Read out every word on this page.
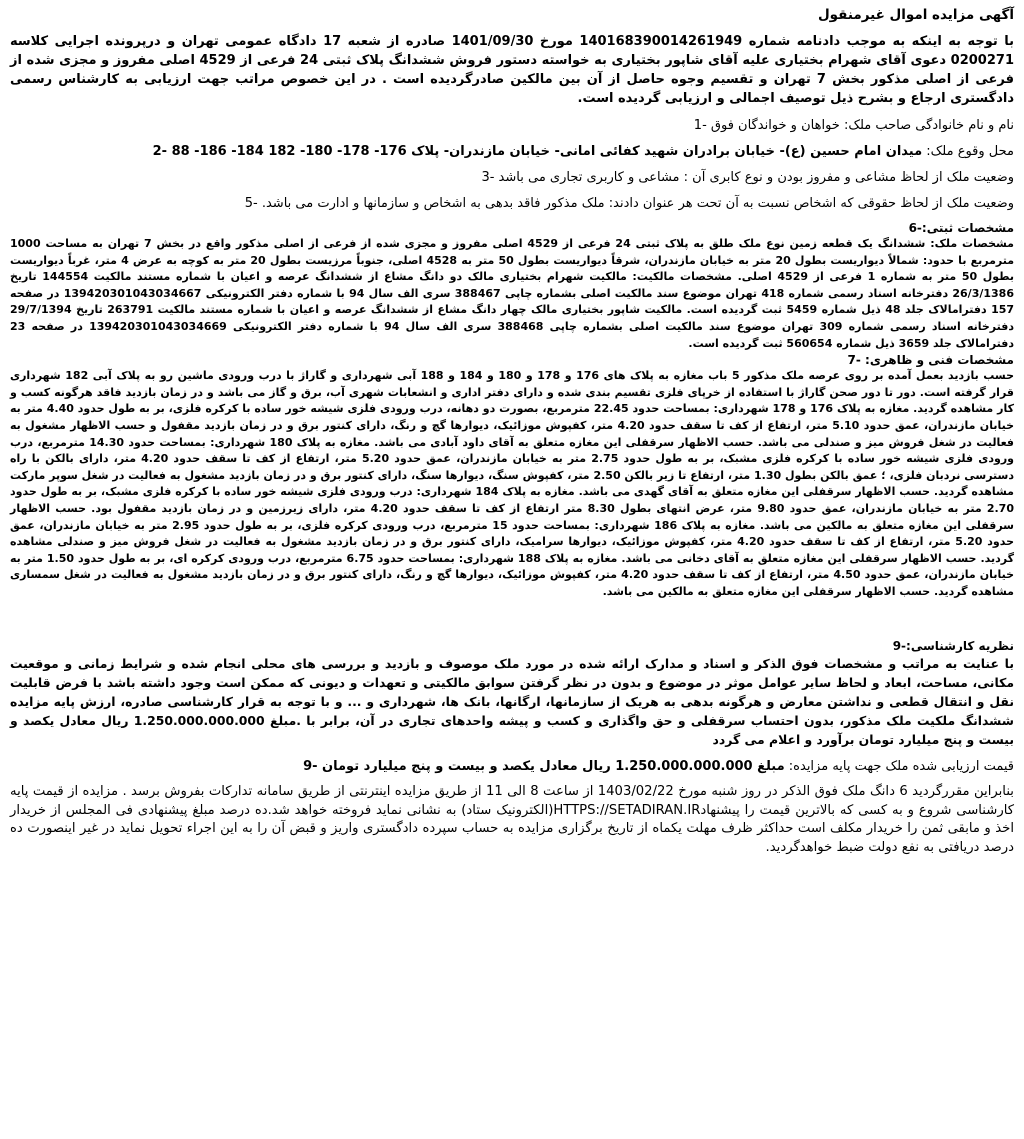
آگهی مزایده اموال غیرمنقول

با توجه به اینکه به موجب دادنامه شماره 140168390014261949 مورخ 1401/09/30 صادره از شعبه 17 دادگاه عمومی تهران و درپرونده اجرایی کلاسه 0200271 دعوی آقای شهرام بختیاری علیه آقای شاپور بختیاری به خواسته دستور فروش ششدانگ پلاک ثبتی 24 فرعی از 4529 اصلی مفروز و مجزی شده از فرعی از اصلی مذکور بخش 7 تهران و تقسیم وجوه حاصل از آن بین مالکین صادرگردیده است . در این خصوص مراتب جهت ارزیابی به کارشناس رسمی دادگستری ارجاع و بشرح ذیل توصیف اجمالی و ارزیابی گردیده است.

نام و نام خانوادگی صاحب ملک: خواهان و خواندگان فوق -1

محل وقوع ملک: میدان امام حسین (ع)- خیابان برادران شهید کفائی امانی- خیابان مازندران- پلاک 176- 178- 180- 182 184- 186- 88 -2

وضعیت ملک از لحاظ مشاعی و مفروز بودن و نوع کابری آن : مشاعی و کاربری تجاری می باشد -3

وضعیت ملک از لحاظ حقوقی که اشخاص نسبت به آن تحت هر عنوان دادند: ملک مذکور فاقد بدهی به اشخاص و سازمانها و ادارت می باشد. -5

مشخصات ثبتی:-6

مشخصات ملک: ششدانگ یک قطعه زمین نوع ملک طلق به پلاک ثبتی 24 فرعی از 4529 اصلی مفروز و مجزی شده از فرعی از اصلی مذکور واقع در بخش 7 تهران به مساحت 1000 مترمربع با حدود: شمالاً دیواریست بطول 20 متر به خیابان مازندران، شرقاً دیواریست بطول 50 متر به 4528 اصلی، جنوباً مرزیست بطول 20 متر به کوچه به عرض 4 متر، غرباً دیواریست بطول 50 متر به شماره 1 فرعی از 4529 اصلی. مشخصات مالکیت: مالکیت شهرام بختیاری مالک دو دانگ مشاع از ششدانگ عرصه و اعیان با شماره مستند مالکیت 144554 تاریخ 26/3/1386 دفترخانه اسناد رسمی شماره 418 تهران موضوع سند مالکیت اصلی بشماره چاپی 388467 سری الف سال 94 با شماره دفتر الکترونیکی 139420301043034667 در صفحه 157 دفترامالاک جلد 48 ذیل شماره 5459 ثبت گردیده است. مالکیت شاپور بختیاری مالک چهار دانگ مشاع از ششدانگ عرصه و اعیان با شماره مستند مالکیت 263791 تاریخ 29/7/1394 دفترخانه اسناد رسمی شماره 309 تهران موضوع سند مالکیت اصلی بشماره چاپی 388468 سری الف سال 94 با شماره دفتر الکترونیکی 139420301043034669 در صفحه 23 دفترامالاک جلد 3659 ذیل شماره 560654 ثبت گردیده است.

مشخصات فنی و ظاهری: -7

حسب بازدید بعمل آمده بر روی عرصه ملک مذکور 5 باب مغازه به پلاک های 176 و 178 و 180 و 184 و 188 آبی شهرداری و گاراژ با درب ورودی ماشین رو به پلاک آبی 182 شهرداری قرار گرفته است. دور تا دور صحن گاراژ با استفاده از خرپای فلزی تقسیم بندی شده و دارای دفتر اداری و انشعابات شهری آب، برق و گاز می باشد و در زمان بازدید فاقد هرگونه کسب و کار مشاهده گردید. مغازه به پلاک 176 و 178 شهرداری: بمساحت حدود 22.45 مترمربع، بصورت دو دهانه، درب ورودی فلزی شیشه خور ساده با کرکره فلزی، بر به طول حدود 4.40 متر به خیابان مازندران، عمق حدود 5.10 متر، ارتفاع از کف تا سقف حدود 4.20 متر، کفپوش موزائیک، دیوارها گچ و رنگ، دارای کنتور برق و در زمان بازدید مقفول و حسب الاظهار مشغول به فعالیت در شغل فروش میز و صندلی می باشد. حسب الاظهار سرقفلی این مغازه متعلق به آقای داود آبادی می باشد. مغازه به پلاک 180 شهرداری: بمساحت حدود 14.30 مترمربع، درب ورودی فلزی شیشه خور ساده با کرکره فلزی مشبک، بر به طول حدود 2.75 متر به خیابان مازندران، عمق حدود 5.20 متر، ارتفاع از کف تا سقف حدود 4.20 متر، دارای بالکن با راه دسترسی نردبان فلزی، ؛ عمق بالکن بطول 1.30 متر، ارتفاع تا زیر بالکن 2.50 متر، کفپوش سنگ، دیوارها سنگ، دارای کنتور برق و در زمان بازدید مشغول به فعالیت در شغل سوپر مارکت مشاهده گردید. حسب الاظهار سرقفلی این مغازه متعلق به آقای گهدی می باشد. مغازه به پلاک 184 شهرداری: درب ورودی فلزی شیشه خور ساده با کرکره فلزی مشبک، بر به طول حدود 2.70 متر به خیابان مازندران، عمق حدود 9.80 متر، عرض انتهای بطول 8.30 متر ارتفاع از کف تا سقف حدود 4.20 متر، دارای زیرزمین و در زمان بازدید مقفول بود. حسب الاظهار سرقفلی این مغازه متعلق به مالکین می باشد. مغازه به پلاک 186 شهرداری: بمساحت حدود 15 مترمربع، درب ورودی کرکره فلزی، بر به طول حدود 2.95 متر به خیابان مازندران، عمق حدود 5.20 متر، ارتفاع از کف تا سقف حدود 4.20 متر، کفپوش موزائیک، دیوارها سرامیک، دارای کنتور برق و در زمان بازدید مشغول به فعالیت در شغل فروش میز و صندلی مشاهده گردید. حسب الاظهار سرقفلی این مغازه متعلق به آقای دخانی می باشد. مغازه به پلاک 188 شهرداری: بمساحت حدود 6.75 مترمربع، درب ورودی کرکره ای، بر به طول حدود 1.50 متر به خیابان مازندران، عمق حدود 4.50 متر، ارتفاع از کف تا سقف حدود 4.20 متر، کفپوش موزائیک، دیوارها گچ و رنگ، دارای کنتور برق و در زمان بازدید مشغول به فعالیت در شغل سمساری مشاهده گردید. حسب الاظهار سرقفلی این مغازه متعلق به مالکین می باشد.

نظریه کارشناسی:-9

با عنایت به مراتب و مشخصات فوق الذکر و اسناد و مدارک ارائه شده در مورد ملک موصوف و بازدید و بررسی های محلی انجام شده و شرایط زمانی و موقعیت مکانی، مساحت، ابعاد و لحاظ سایر عوامل موثر در موضوع و بدون در نظر گرفتن سوابق مالکیتی و تعهدات و دیونی که ممکن است وجود داشته باشد با فرض قابلیت نقل و انتقال قطعی و نداشتن معارض و هرگونه بدهی به هریک از سازمانها، ارگانها، بانک ها، شهرداری و ... و با توجه به قرار کارشناسی صادره، ارزش پایه مزایده ششدانگ ملکیت ملک مذکور، بدون احتساب سرقفلی و حق واگذاری و کسب و پیشه واحدهای تجاری در آن، برابر با .مبلغ 1.250.000.000.000 ریال معادل یکصد و بیست و پنج میلیارد تومان برآورد و اعلام می گردد

قیمت ارزیابی شده ملک جهت پایه مزایده: مبلغ 1.250.000.000.000 ریال معادل یکصد و بیست و پنج میلیارد تومان -9

بنابراین مقررگردید 6 دانگ ملک فوق الذکر در روز شنبه مورخ 1403/02/22 از ساعت 8 الی 11 از طریق مزایده اینترنتی از طریق سامانه تدارکات بفروش برسد . مزایده از قیمت پایه کارشناسی شروع و به کسی که بالاترین قیمت را پیشنهادHTTPS://SETADIRAN.IR(الکترونیک ستاد) به نشانی نماید فروخته خواهد شد.ده درصد مبلغ پیشنهادی فی المجلس از خریدار اخذ و مابقی ثمن را خریدار مکلف است حداکثر ظرف مهلت یکماه از تاریخ برگزاری مزایده به حساب سپرده دادگستری واریز و قبض آن را به این اجراء تحویل نماید در غیر اینصورت ده درصد دریافتی به نفع دولت ضبط خواهدگردید.
